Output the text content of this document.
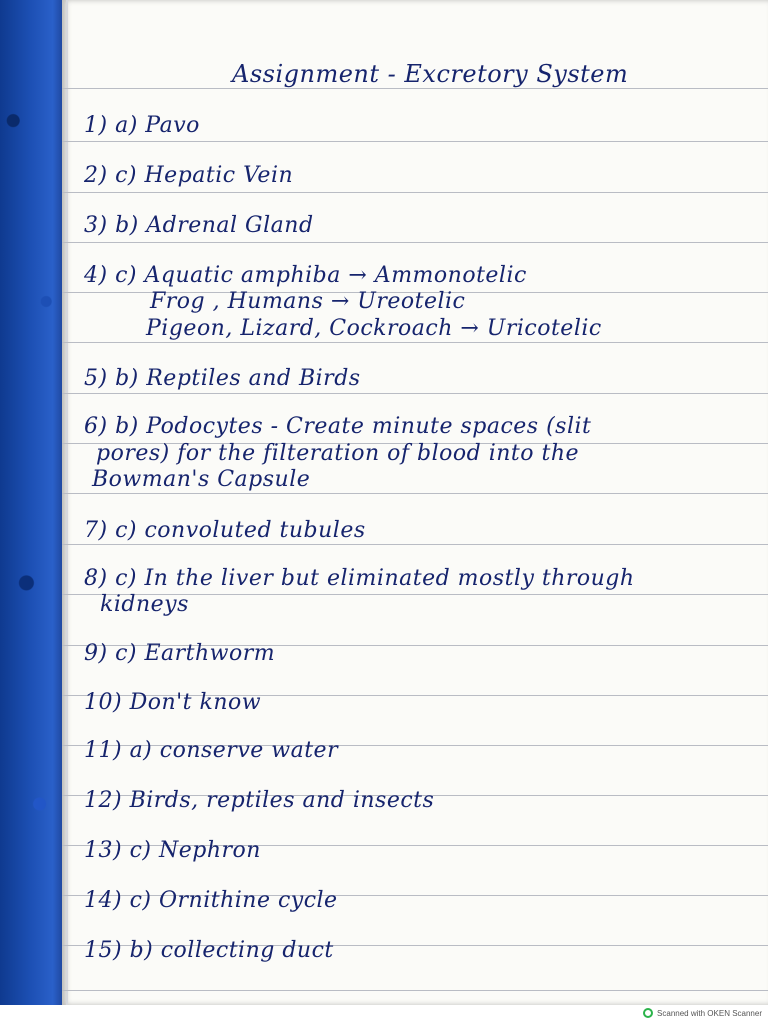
Assignment - Excretory System
1) a) Pavo
2) c) Hepatic Vein
3) b) Adrenal Gland
4) c) Aquatic amphiba → Ammonotelic
Frog , Humans → Ureotelic
Pigeon, Lizard, Cockroach → Uricotelic
5) b) Reptiles and Birds
6) b) Podocytes - Create minute spaces (slit
pores) for the filteration of blood into the
Bowman's Capsule
7) c) convoluted tubules
8) c) In the liver but eliminated mostly through
kidneys
9) c) Earthworm
10) Don't know
11) a) conserve water
12) Birds, reptiles and insects
13) c) Nephron
14) c) Ornithine cycle
15) b) collecting duct
Scanned with OKEN Scanner
